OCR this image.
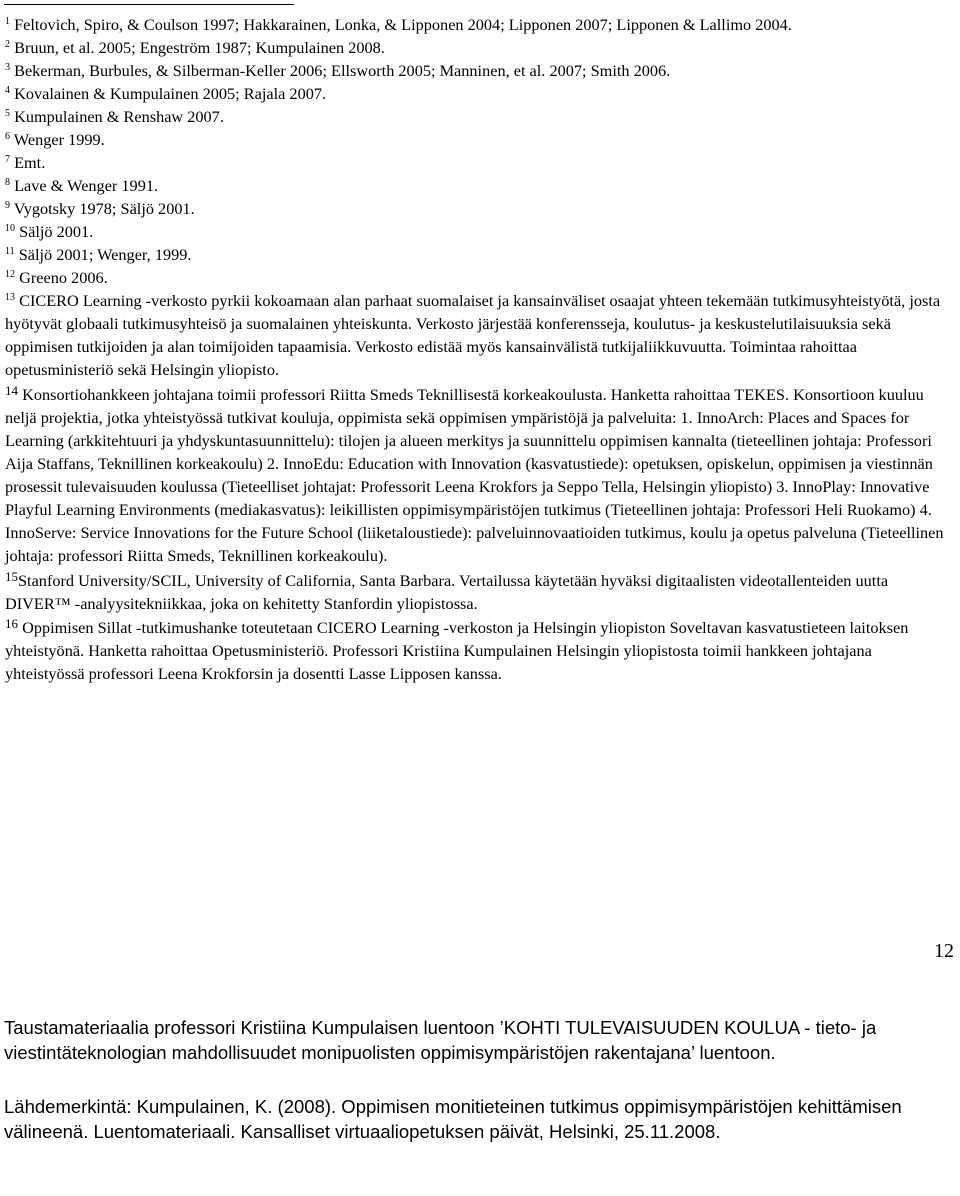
$^1$ Feltovich, Spiro, & Coulson 1997; Hakkarainen, Lonka, & Lipponen 2004; Lipponen 2007; Lipponen & Lallimo 2004.

$^2$ Bruun, et al. 2005; Engeström 1987; Kumpulainen 2008.

$^3$ Bekerman, Burbules, & Silberman-Keller 2006; Ellsworth 2005; Manninen, et al. 2007; Smith 2006.

$^4$ Kovalainen & Kumpulainen 2005; Rajala 2007.

$^5$ Kumpulainen & Renshaw 2007.

$^6$ Wenger 1999.

$^7$ Emt.

$^8$ Lave & Wenger 1991.

$^9$ Vygotsky 1978; Säljö 2001.

$^{10}$ Säljö 2001.

$^{11}$ Säljö 2001; Wenger, 1999.

$^{12}$ Greeno 2006.

$^{13}$ CICERO Learning -verkosto pyrkii kokoamaan alan parhaat suomalaiset ja kansainväliset osaajat yhteen tekemään tutkimusyhteistyötä, josta hyötyvät globaali tutkimusyhteisö ja suomalainen yhteiskunta. Verkosto järjestää konferensseja, koulutus- ja keskustelutilaisuuksia sekä oppimisen tutkijoiden ja alan toimijoiden tapaamisia. Verkosto edistää myös kansainvälistä tutkijaliikkuvuutta. Toimintaa rahoittaa opetusministeriö sekä Helsingin yliopisto.

$^{14}$ Konsortiohankkeen johtajana toimii professori Riitta Smeds Teknillisestä korkeakoulusta. Hanketta rahoittaa TEKES. Konsortioon kuuluu neljä projektia, jotka yhteistyössä tutkivat kouluja, oppimista sekä oppimisen ympäristöjä ja palveluita: 1. InnoArch: Places and Spaces for Learning (arkkitehtuuri ja yhdyskuntasuunnittelu): tilojen ja alueen merkitys ja suunnittelu oppimisen kannalta (tieteellinen johtaja: Professori Aija Staffans, Teknillinen korkeakoulu) 2. InnoEdu: Education with Innovation (kasvatustiede): opetuksen, opiskelun, oppimisen ja viestinnän prosessit tulevaisuuden koulussa (Tieteelliset johtajat: Professorit Leena Krokfors ja Seppo Tella, Helsingin yliopisto) 3. InnoPlay: Innovative Playful Learning Environments (mediakasvatus): leikillisten oppimisympäristöjen tutkimus (Tieteellinen johtaja: Professori Heli Ruokamo) 4. InnoServe: Service Innovations for the Future School (liiketaloustiede): palveluinnovaatioiden tutkimus, koulu ja opetus palveluna (Tieteellinen johtaja: professori Riitta Smeds, Teknillinen korkeakoulu).

$^{15}$Stanford University/SCIL, University of California, Santa Barbara. Vertailussa käytetään hyväksi digitaalisten videotallenteiden uutta DIVER™ -analyysitekniikkaa, joka on kehitetty Stanfordin yliopistossa.

$^{16}$ Oppimisen Sillat -tutkimushanke toteutetaan CICERO Learning -verkoston ja Helsingin yliopiston Soveltavan kasvatustieteen laitoksen yhteistyönä. Hanketta rahoittaa Opetusministeriö. Professori Kristiina Kumpulainen Helsingin yliopistosta toimii hankkeen johtajana yhteistyössä professori Leena Krokforsin ja dosentti Lasse Lipposen kanssa.

12

Taustamateriaalia professori Kristiina Kumpulaisen luentoon ’KOHTI TULEVAISUUDEN KOULUA - tieto- ja viestintäteknologian mahdollisuudet monipuolisten oppimisympäristöjen rakentajana’ luentoon.

Lähdemerkintä: Kumpulainen, K. (2008). Oppimisen monitieteinen tutkimus oppimisympäristöjen kehittämisen välineenä. Luentomateriaali. Kansalliset virtuaaliopetuksen päivät, Helsinki, 25.11.2008.
